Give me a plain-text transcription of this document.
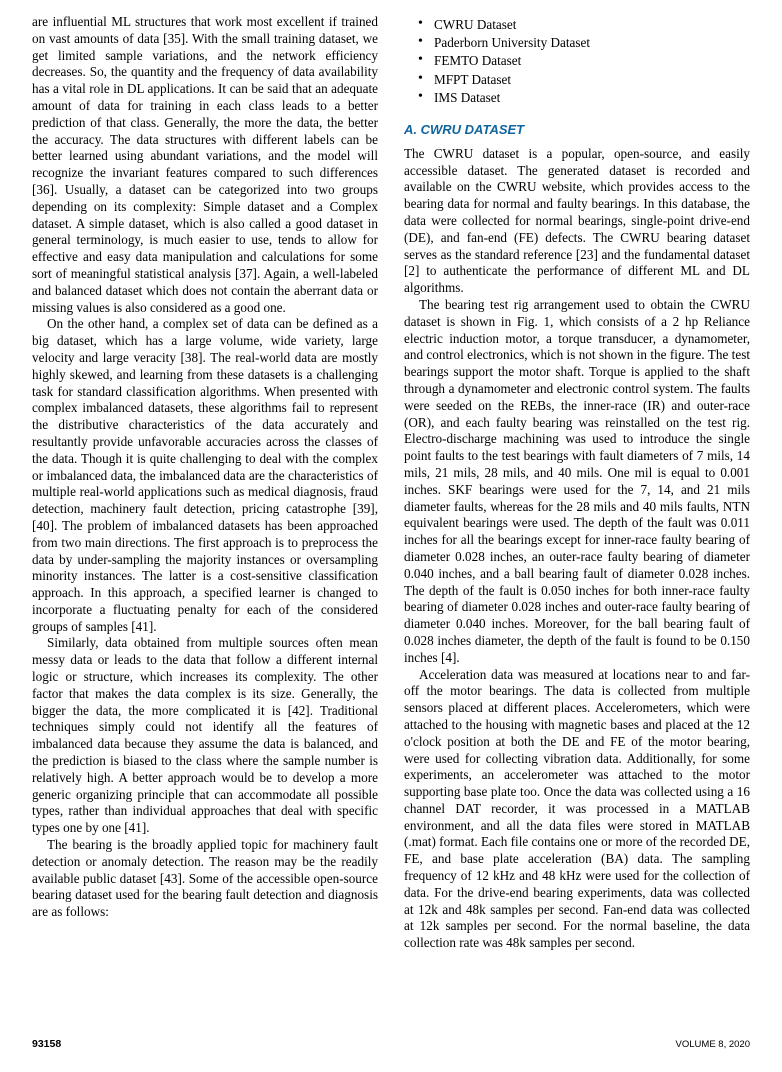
are influential ML structures that work most excellent if trained on vast amounts of data [35]. With the small training dataset, we get limited sample variations, and the network efficiency decreases. So, the quantity and the frequency of data availability has a vital role in DL applications. It can be said that an adequate amount of data for training in each class leads to a better prediction of that class. Generally, the more the data, the better the accuracy. The data structures with different labels can be better learned using abundant variations, and the model will recognize the invariant features compared to such differences [36]. Usually, a dataset can be categorized into two groups depending on its complexity: Simple dataset and a Complex dataset. A simple dataset, which is also called a good dataset in general terminology, is much easier to use, tends to allow for effective and easy data manipulation and calculations for some sort of meaningful statistical analysis [37]. Again, a well-labeled and balanced dataset which does not contain the aberrant data or missing values is also considered as a good one.

On the other hand, a complex set of data can be defined as a big dataset, which has a large volume, wide variety, large velocity and large veracity [38]. The real-world data are mostly highly skewed, and learning from these datasets is a challenging task for standard classification algorithms. When presented with complex imbalanced datasets, these algorithms fail to represent the distributive characteristics of the data accurately and resultantly provide unfavorable accuracies across the classes of the data. Though it is quite challenging to deal with the complex or imbalanced data, the imbalanced data are the characteristics of multiple real-world applications such as medical diagnosis, fraud detection, machinery fault detection, pricing catastrophe [39], [40]. The problem of imbalanced datasets has been approached from two main directions. The first approach is to preprocess the data by under-sampling the majority instances or oversampling minority instances. The latter is a cost-sensitive classification approach. In this approach, a specified learner is changed to incorporate a fluctuating penalty for each of the considered groups of samples [41].

Similarly, data obtained from multiple sources often mean messy data or leads to the data that follow a different internal logic or structure, which increases its complexity. The other factor that makes the data complex is its size. Generally, the bigger the data, the more complicated it is [42]. Traditional techniques simply could not identify all the features of imbalanced data because they assume the data is balanced, and the prediction is biased to the class where the sample number is relatively high. A better approach would be to develop a more generic organizing principle that can accommodate all possible types, rather than individual approaches that deal with specific types one by one [41].

The bearing is the broadly applied topic for machinery fault detection or anomaly detection. The reason may be the readily available public dataset [43]. Some of the accessible open-source bearing dataset used for the bearing fault detection and diagnosis are as follows:

• CWRU Dataset
• Paderborn University Dataset
• FEMTO Dataset
• MFPT Dataset
• IMS Dataset
A. CWRU DATASET

The CWRU dataset is a popular, open-source, and easily accessible dataset. The generated dataset is recorded and available on the CWRU website, which provides access to the bearing data for normal and faulty bearings. In this database, the data were collected for normal bearings, single-point drive-end (DE), and fan-end (FE) defects. The CWRU bearing dataset serves as the standard reference [23] and the fundamental dataset [2] to authenticate the performance of different ML and DL algorithms.

The bearing test rig arrangement used to obtain the CWRU dataset is shown in Fig. 1, which consists of a 2 hp Reliance electric induction motor, a torque transducer, a dynamometer, and control electronics, which is not shown in the figure. The test bearings support the motor shaft. Torque is applied to the shaft through a dynamometer and electronic control system. The faults were seeded on the REBs, the inner-race (IR) and outer-race (OR), and each faulty bearing was reinstalled on the test rig. Electro-discharge machining was used to introduce the single point faults to the test bearings with fault diameters of 7 mils, 14 mils, 21 mils, 28 mils, and 40 mils. One mil is equal to 0.001 inches. SKF bearings were used for the 7, 14, and 21 mils diameter faults, whereas for the 28 mils and 40 mils faults, NTN equivalent bearings were used. The depth of the fault was 0.011 inches for all the bearings except for inner-race faulty bearing of diameter 0.028 inches, an outer-race faulty bearing of diameter 0.040 inches, and a ball bearing fault of diameter 0.028 inches. The depth of the fault is 0.050 inches for both inner-race faulty bearing of diameter 0.028 inches and outer-race faulty bearing of diameter 0.040 inches. Moreover, for the ball bearing fault of 0.028 inches diameter, the depth of the fault is found to be 0.150 inches [4].

Acceleration data was measured at locations near to and far-off the motor bearings. The data is collected from multiple sensors placed at different places. Accelerometers, which were attached to the housing with magnetic bases and placed at the 12 o'clock position at both the DE and FE of the motor bearing, were used for collecting vibration data. Additionally, for some experiments, an accelerometer was attached to the motor supporting base plate too. Once the data was collected using a 16 channel DAT recorder, it was processed in a MATLAB environment, and all the data files were stored in MATLAB (.mat) format. Each file contains one or more of the recorded DE, FE, and base plate acceleration (BA) data. The sampling frequency of 12 kHz and 48 kHz were used for the collection of data. For the drive-end bearing experiments, data was collected at 12k and 48k samples per second. Fan-end data was collected at 12k samples per second. For the normal baseline, the data collection rate was 48k samples per second.

93158	VOLUME 8, 2020
